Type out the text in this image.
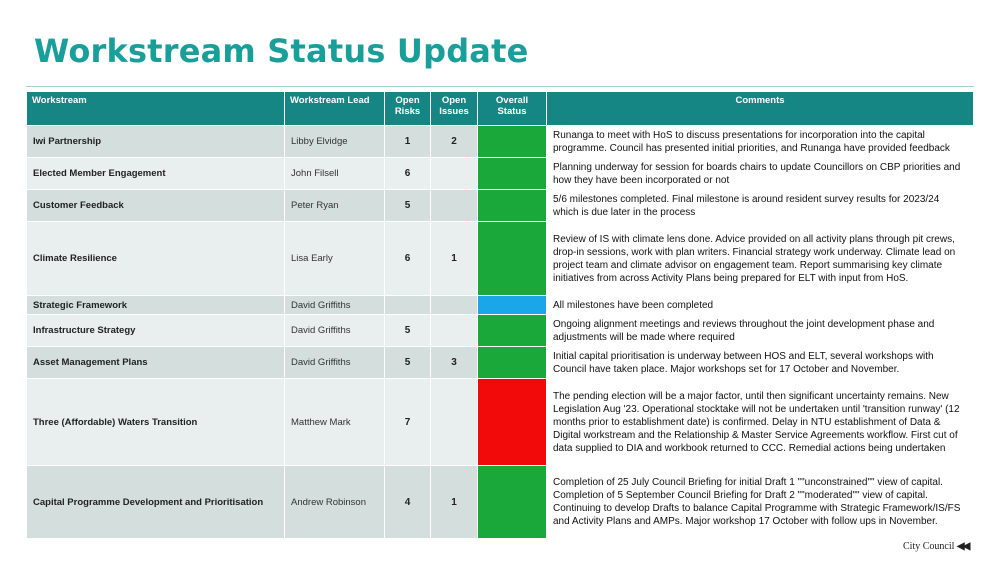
Workstream Status Update
Workstream	Workstream Lead	Open Risks	Open Issues	Overall Status	Comments
Iwi Partnership	Libby Elvidge	1	2		Runanga to meet with HoS to discuss presentations for incorporation into the capital programme. Council has presented initial priorities, and Runanga have provided feedback
Elected Member Engagement	John Filsell	6			Planning underway for session for boards chairs to update Councillors on CBP priorities and how they have been incorporated or not
Customer Feedback	Peter Ryan	5			5/6 milestones completed. Final milestone is around resident survey results for 2023/24 which is due later in the process
Climate Resilience	Lisa Early	6	1		Review of IS with climate lens done. Advice provided on all activity plans through pit crews, drop-in sessions, work with plan writers. Financial strategy work underway. Climate lead on project team and climate advisor on engagement team. Report summarising key climate initiatives from across Activity Plans being prepared for ELT with input from HoS.
Strategic Framework	David Griffiths				All milestones have been completed
Infrastructure Strategy	David Griffiths	5			Ongoing alignment meetings and reviews throughout the joint development phase and adjustments will be made where required
Asset Management Plans	David Griffiths	5	3		Initial capital prioritisation is underway between HOS and ELT, several workshops with Council have taken place. Major workshops set for 17 October and November.
Three (Affordable) Waters Transition	Matthew Mark	7			The pending election will be a major factor, until then significant uncertainty remains. New Legislation Aug '23. Operational stocktake will not be undertaken until 'transition runway' (12 months prior to establishment date) is confirmed. Delay in NTU establishment of Data & Digital workstream and the Relationship & Master Service Agreements workflow. First cut of data supplied to DIA and workbook returned to CCC. Remedial actions being undertaken
Capital Programme Development and Prioritisation	Andrew Robinson	4	1		Completion of 25 July Council Briefing for initial Draft 1 ""unconstrained"" view of capital. Completion of 5 September Council Briefing for Draft 2 ""moderated"" view of capital. Continuing to develop Drafts to balance Capital Programme with Strategic Framework/IS/FS and Activity Plans and AMPs. Major workshop 17 October with follow ups in November.
City Council ◀◀
